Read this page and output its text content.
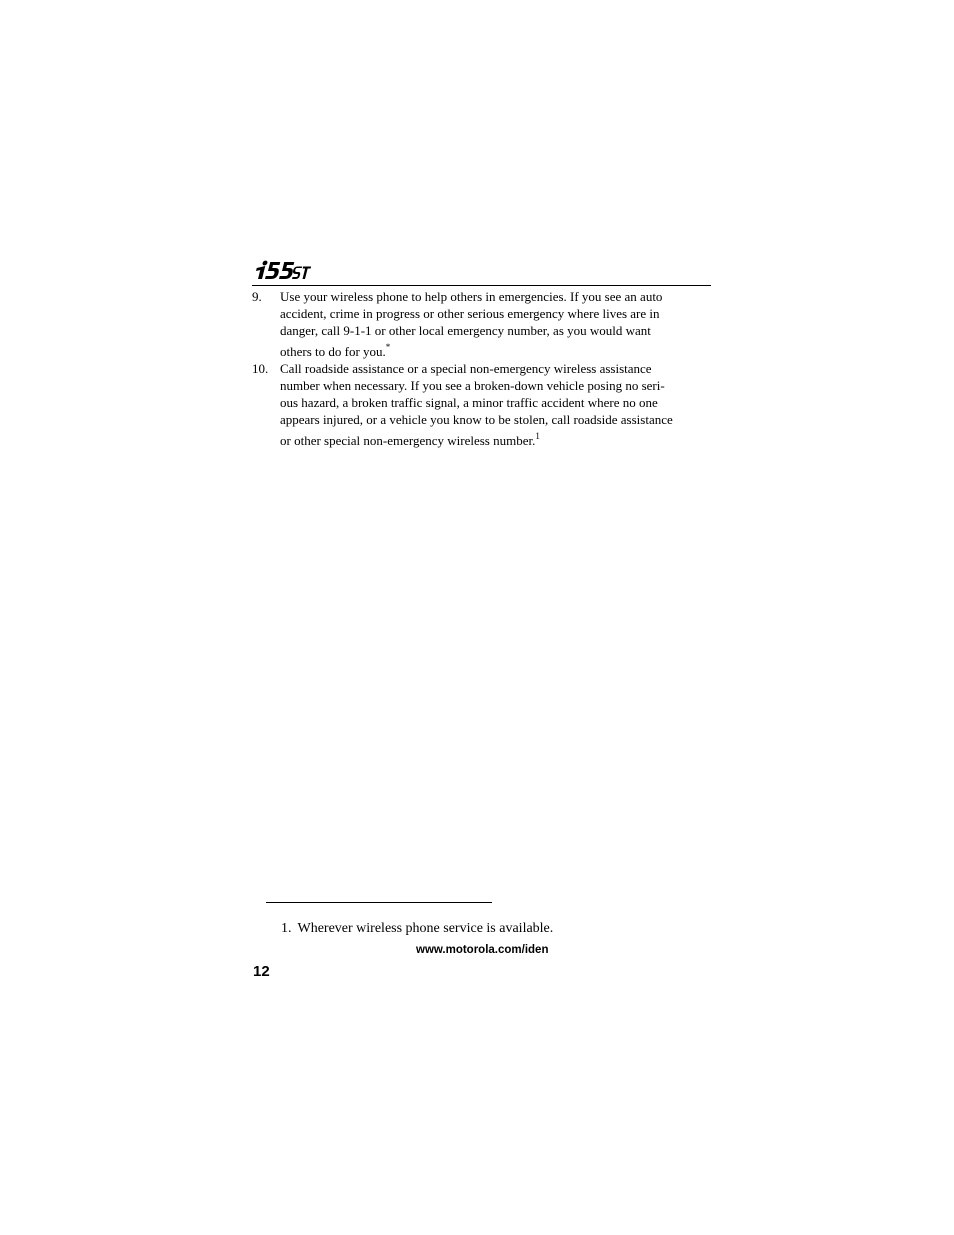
9. Use your wireless phone to help others in emergencies. If you see an auto
accident, crime in progress or other serious emergency where lives are in
danger, call 9-1-1 or other local emergency number, as you would want
others to do for you.*
10. Call roadside assistance or a special non-emergency wireless assistance
number when necessary. If you see a broken-down vehicle posing no seri-
ous hazard, a broken traffic signal, a minor traffic accident where no one
appears injured, or a vehicle you know to be stolen, call roadside assistance
or other special non-emergency wireless number.$^1$
1. Wherever wireless phone service is available.
www.motorola.com/iden
12
